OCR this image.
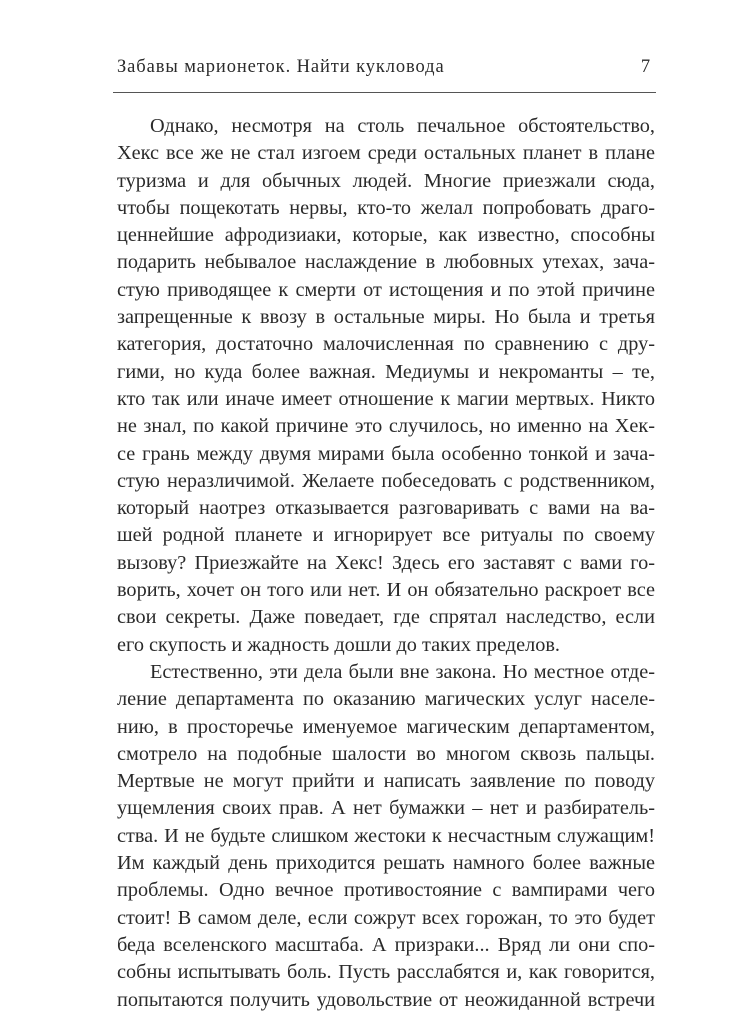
Забавы марионеток. Найти кукловода	7
Однако, несмотря на столь печальное обстоятельство,
Хекс все же не стал изгоем среди остальных планет в плане
туризма и для обычных людей. Многие приезжали сюда,
чтобы пощекотать нервы, кто-то желал попробовать драго-
ценнейшие афродизиаки, которые, как известно, способны
подарить небывалое наслаждение в любовных утехах, зача-
стую приводящее к смерти от истощения и по этой причине
запрещенные к ввозу в остальные миры. Но была и третья
категория, достаточно малочисленная по сравнению с дру-
гими, но куда более важная. Медиумы и некроманты – те,
кто так или иначе имеет отношение к магии мертвых. Никто
не знал, по какой причине это случилось, но именно на Хек-
се грань между двумя мирами была особенно тонкой и зача-
стую неразличимой. Желаете побеседовать с родственником,
который наотрез отказывается разговаривать с вами на ва-
шей родной планете и игнорирует все ритуалы по своему
вызову? Приезжайте на Хекс! Здесь его заставят с вами го-
ворить, хочет он того или нет. И он обязательно раскроет все
свои секреты. Даже поведает, где спрятал наследство, если
его скупость и жадность дошли до таких пределов.
Естественно, эти дела были вне закона. Но местное отде-
ление департамента по оказанию магических услуг населе-
нию, в просторечье именуемое магическим департаментом,
смотрело на подобные шалости во многом сквозь пальцы.
Мертвые не могут прийти и написать заявление по поводу
ущемления своих прав. А нет бумажки – нет и разбиратель-
ства. И не будьте слишком жестоки к несчастным служащим!
Им каждый день приходится решать намного более важные
проблемы. Одно вечное противостояние с вампирами чего
стоит! В самом деле, если сожрут всех горожан, то это будет
беда вселенского масштаба. А призраки... Вряд ли они спо-
собны испытывать боль. Пусть расслабятся и, как говорится,
попытаются получить удовольствие от неожиданной встречи
